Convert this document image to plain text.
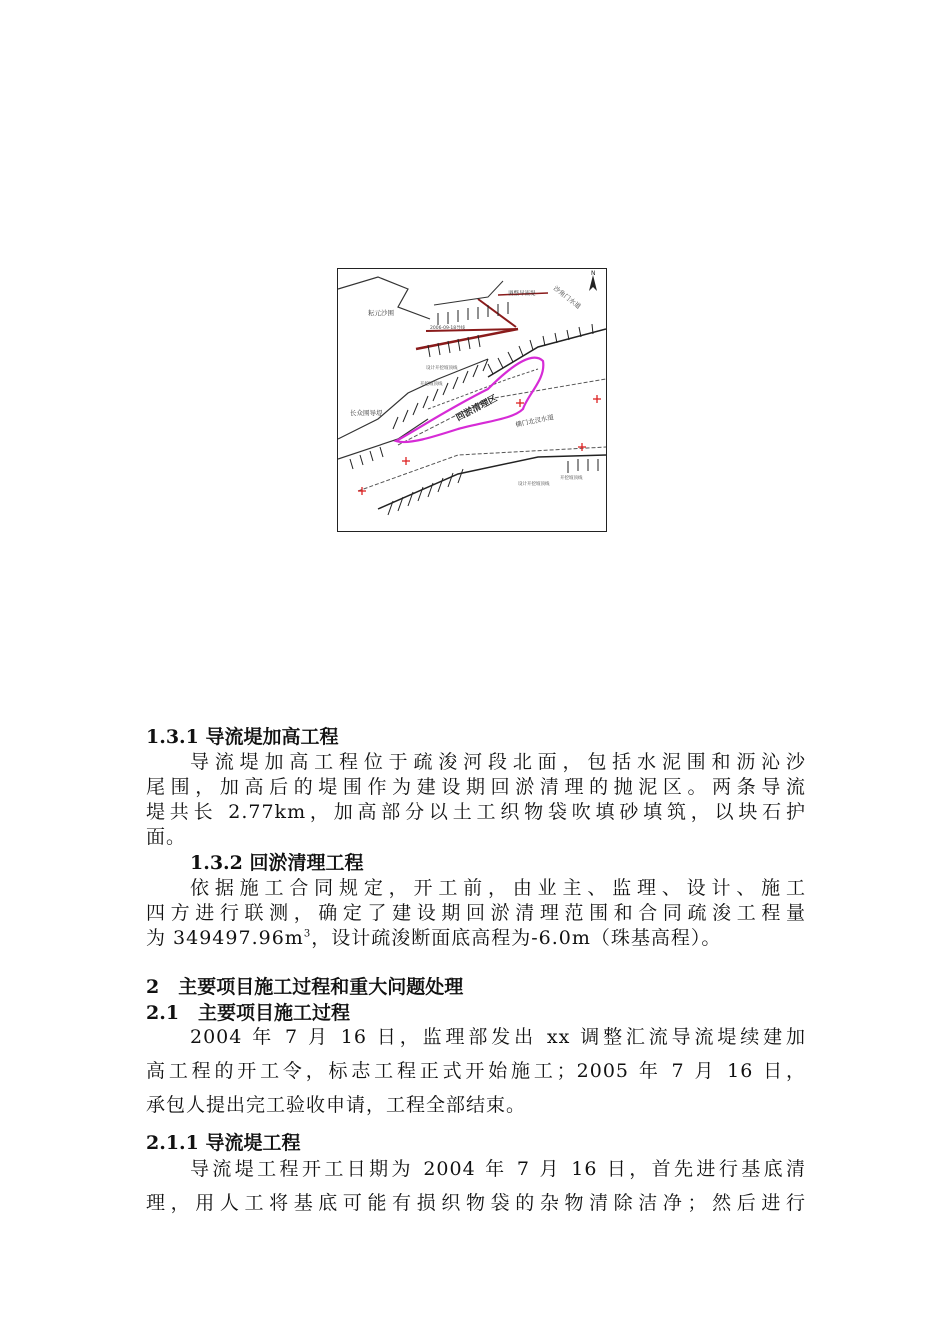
N
耘元沙围
长众围导堤
调整导流堤	沙角门水道
横门北汊水道
回淤清理区
2006-09-18导线
设计开挖坡顶线
开挖坡顶线
设计开挖坡顶线
开挖坡顶线
1.3.1 导流堤加高工程
导流堤加高工程位于疏浚河段北面，包括水泥围和沥沁沙
尾围，加高后的堤围作为建设期回淤清理的抛泥区。两条导流
堤共长 2.77km，加高部分以土工织物袋吹填砂填筑，以块石护
面。
1.3.2 回淤清理工程
依据施工合同规定，开工前，由业主、监理、设计、施工
四方进行联测，确定了建设期回淤清理范围和合同疏浚工程量
为 $349497.96m^3$，设计疏浚断面底高程为-6.0m（珠基高程）。
2　主要项目施工过程和重大问题处理
2.1　主要项目施工过程
2004 年 7 月 16 日，监理部发出 xx 调整汇流导流堤续建加
高工程的开工令，标志工程正式开始施工；2005 年 7 月 16 日，
承包人提出完工验收申请，工程全部结束。
2.1.1 导流堤工程
导流堤工程开工日期为 2004 年 7 月 16 日，首先进行基底清
理，用人工将基底可能有损织物袋的杂物清除洁净；然后进行
